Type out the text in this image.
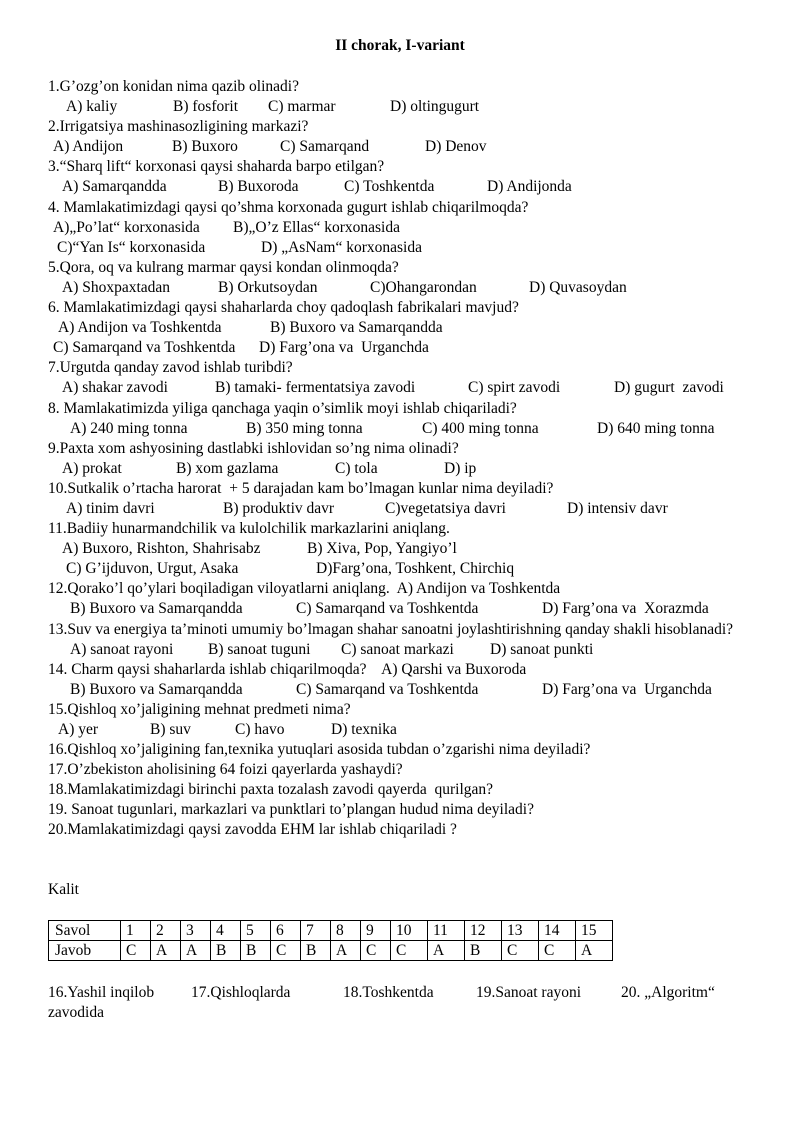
II chorak, I-variant
1.G’ozg’on konidan nima qazib olinadi?
A) kaliy	B) fosforit C) marmar	D) oltingugurt
2.Irrigatsiya mashinasozligining markazi?
A) Andijon	B) Buxoro	C) Samarqand	D) Denov
3.“Sharq lift“ korxonasi qaysi shaharda barpo etilgan?
A) Samarqandda	B) Buxoroda	C) Toshkentda	D) Andijonda
4. Mamlakatimizdagi qaysi qo’shma korxonada gugurt ishlab chiqarilmoqda?
A)„Po’lat“ korxonasida B)„O’z Ellas“ korxonasida
C)“Yan Is“ korxonasida	D) „AsNam“ korxonasida
5.Qora, oq va kulrang marmar qaysi kondan olinmoqda?
A) Shoxpaxtadan	B) Orkutsoydan	C)Ohangarondan	D) Quvasoydan
6. Mamlakatimizdagi qaysi shaharlarda choy qadoqlash fabrikalari mavjud?
A) Andijon va Toshkentda	B) Buxoro va Samarqandda
C) Samarqand va Toshkentda D) Farg’ona va  Urganchda
7.Urgutda qanday zavod ishlab turibdi?
A) shakar zavodi	B) tamaki- fermentatsiya zavodi	C) spirt zavodi	D) gugurt  zavodi
8. Mamlakatimizda yiliga qanchaga yaqin o’simlik moyi ishlab chiqariladi?
A) 240 ming tonna	B) 350 ming tonna	C) 400 ming tonna	D) 640 ming tonna
9.Paxta xom ashyosining dastlabki ishlovidan so’ng nima olinadi?
A) prokat	B) xom gazlama	C) tola	D) ip
10.Sutkalik o’rtacha harorat  + 5 darajadan kam bo’lmagan kunlar nima deyiladi?
A) tinim davri	B) produktiv davr	C)vegetatsiya davri	D) intensiv davr
11.Badiiy hunarmandchilik va kulolchilik markazlarini aniqlang.
A) Buxoro, Rishton, Shahrisabz	B) Xiva, Pop, Yangiyo’l
C) G’ijduvon, Urgut, Asaka	D)Farg’ona, Toshkent, Chirchiq
12.Qorako’l qo’ylari boqiladigan viloyatlarni aniqlang.  A) Andijon va Toshkentda
B) Buxoro va Samarqandda	C) Samarqand va Toshkentda	D) Farg’ona va  Xorazmda
13.Suv va energiya ta’minoti umumiy bo’lmagan shahar sanoatni joylashtirishning qanday shakli hisoblanadi?
A) sanoat rayoni B) sanoat tuguni C) sanoat markazi D) sanoat punkti
14. Charm qaysi shaharlarda ishlab chiqarilmoqda?    A) Qarshi va Buxoroda
B) Buxoro va Samarqandda	C) Samarqand va Toshkentda	D) Farg’ona va  Urganchda
15.Qishloq xo’jaligining mehnat predmeti nima?
A) yer	B) suv	C) havo	D) texnika
16.Qishloq xo’jaligining fan,texnika yutuqlari asosida tubdan o’zgarishi nima deyiladi?
17.O’zbekiston aholisining 64 foizi qayerlarda yashaydi?
18.Mamlakatimizdagi birinchi paxta tozalash zavodi qayerda  qurilgan?
19. Sanoat tugunlari, markazlari va punktlari to’plangan hudud nima deyiladi?
20.Mamlakatimizdagi qaysi zavodda EHM lar ishlab chiqariladi ?
Kalit
Savol	1	2	3	4	5	6	7	8	9	10	11	12	13	14	15
Javob	C	A	A	B	B	C	B	A	C	C	A	B	C	C	A
16.Yashil inqilob 17.Qishloqlarda	18.Toshkentda	19.Sanoat rayoni	20. „Algoritm“
zavodida
